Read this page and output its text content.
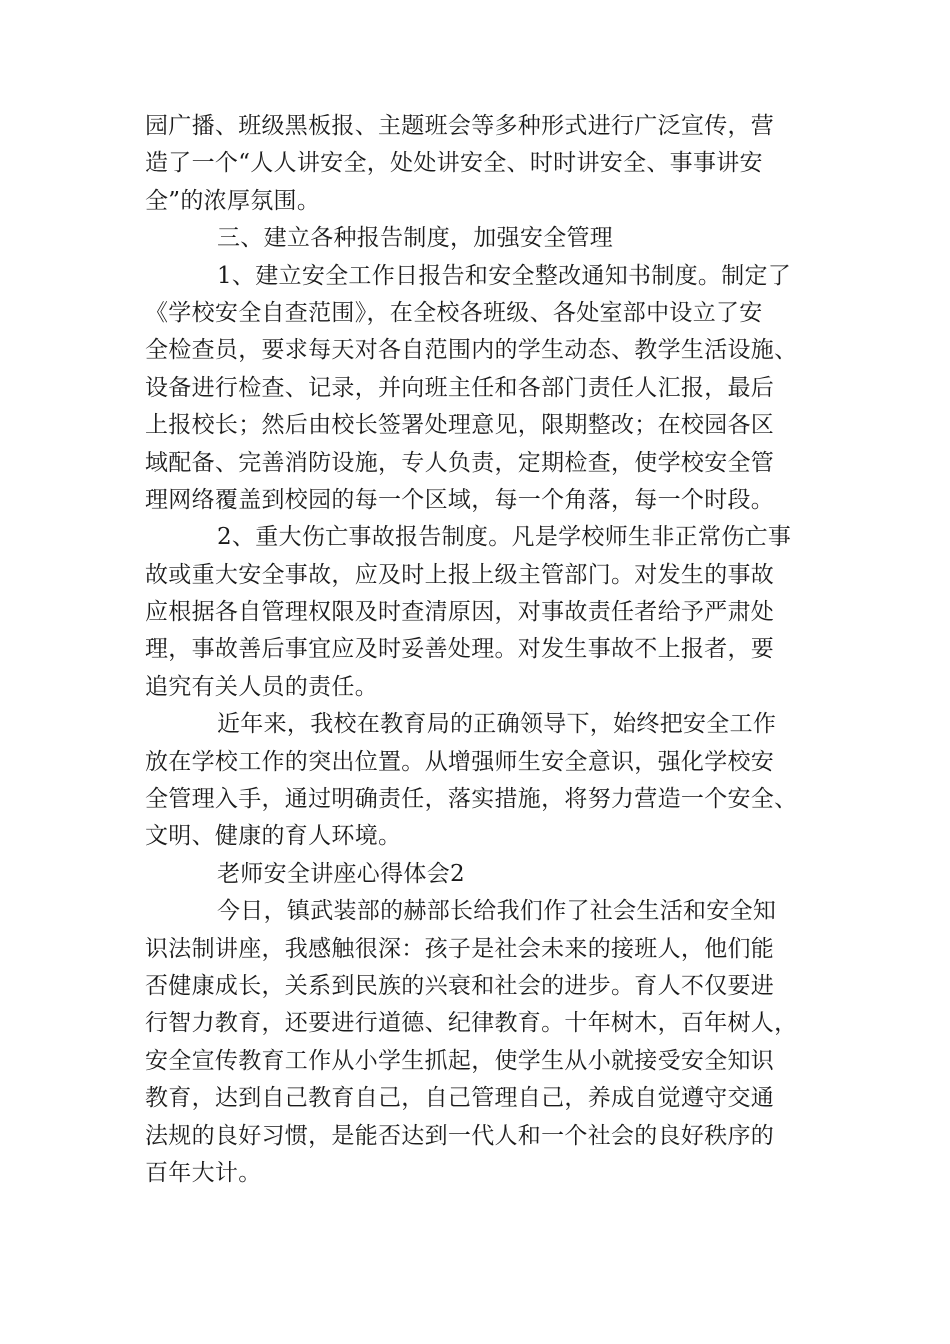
园广播、班级黑板报、主题班会等多种形式进行广泛宣传，营
造了一个“人人讲安全，处处讲安全、时时讲安全、事事讲安
全”的浓厚氛围。
三、建立各种报告制度，加强安全管理
1、建立安全工作日报告和安全整改通知书制度。制定了
《学校安全自查范围》，在全校各班级、各处室部中设立了安
全检查员，要求每天对各自范围内的学生动态、教学生活设施、
设备进行检查、记录，并向班主任和各部门责任人汇报，最后
上报校长；然后由校长签署处理意见，限期整改；在校园各区
域配备、完善消防设施，专人负责，定期检查，使学校安全管
理网络覆盖到校园的每一个区域，每一个角落，每一个时段。
2、重大伤亡事故报告制度。凡是学校师生非正常伤亡事
故或重大安全事故，应及时上报上级主管部门。对发生的事故
应根据各自管理权限及时查清原因，对事故责任者给予严肃处
理，事故善后事宜应及时妥善处理。对发生事故不上报者，要
追究有关人员的责任。
近年来，我校在教育局的正确领导下，始终把安全工作
放在学校工作的突出位置。从增强师生安全意识，强化学校安
全管理入手，通过明确责任，落实措施，将努力营造一个安全、
文明、健康的育人环境。
老师安全讲座心得体会2
今日，镇武装部的赫部长给我们作了社会生活和安全知
识法制讲座，我感触很深：孩子是社会未来的接班人，他们能
否健康成长，关系到民族的兴衰和社会的进步。育人不仅要进
行智力教育，还要进行道德、纪律教育。十年树木，百年树人，
安全宣传教育工作从小学生抓起，使学生从小就接受安全知识
教育，达到自己教育自己，自己管理自己，养成自觉遵守交通
法规的良好习惯，是能否达到一代人和一个社会的良好秩序的
百年大计。
